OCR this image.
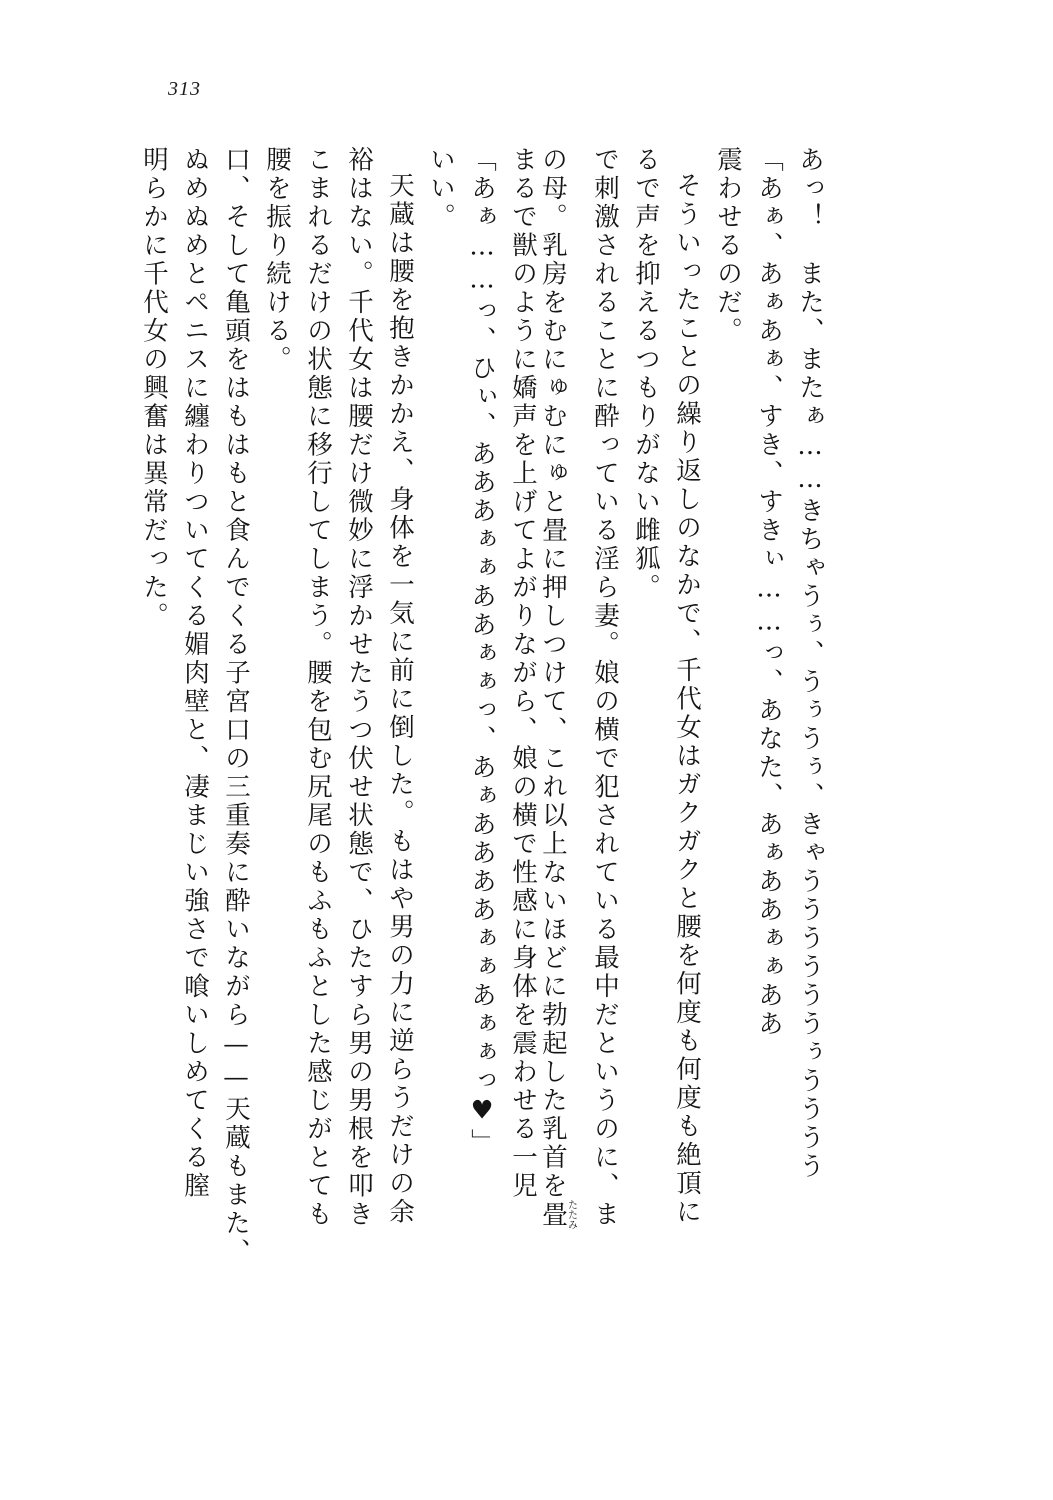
313
明らかに千代女の興奮は異常だった。 ぬめぬめとペニスに纏わりついてくる媚肉壁と、凄まじい強さで喰いしめてくる膣 口、そして亀頭をはもはもと食んでくる子宮口の三重奏に酔いながら——天蔵もまた、 腰を振り続ける。 こまれるだけの状態に移行してしまう。腰を包む尻尾のもふもふとした感じがとても 裕はない。千代女は腰だけ微妙に浮かせたうつ伏せ状態で、ひたすら男の男根を叩き 天蔵は腰を抱きかかえ、身体を一気に前に倒した。もはや男の力に逆らうだけの余 いい。 「あぁ……っ、ひぃ、あああぁぁああぁぁっ、あぁああああぁぁあぁぁっ♥」 まるで獣のように嬌声を上げてよがりながら、娘の横で性感に身体を震わせる一児 の母。乳房をむにゅむにゅと畳に押しつけて、これ以上ないほどに勃起した乳首を畳たたみ で刺激されることに酔っている淫ら妻。娘の横で犯されている最中だというのに、ま るで声を抑えるつもりがない雌狐。 そういったことの繰り返しのなかで、千代女はガクガクと腰を何度も何度も絶頂に 震わせるのだ。 「あぁ、あぁあぁ、すき、すきぃ……っ、あなた、あぁああぁぁああ あっ！　また、またぁ……きちゃうぅ、うぅうぅ、きゃううううううぅうううう
